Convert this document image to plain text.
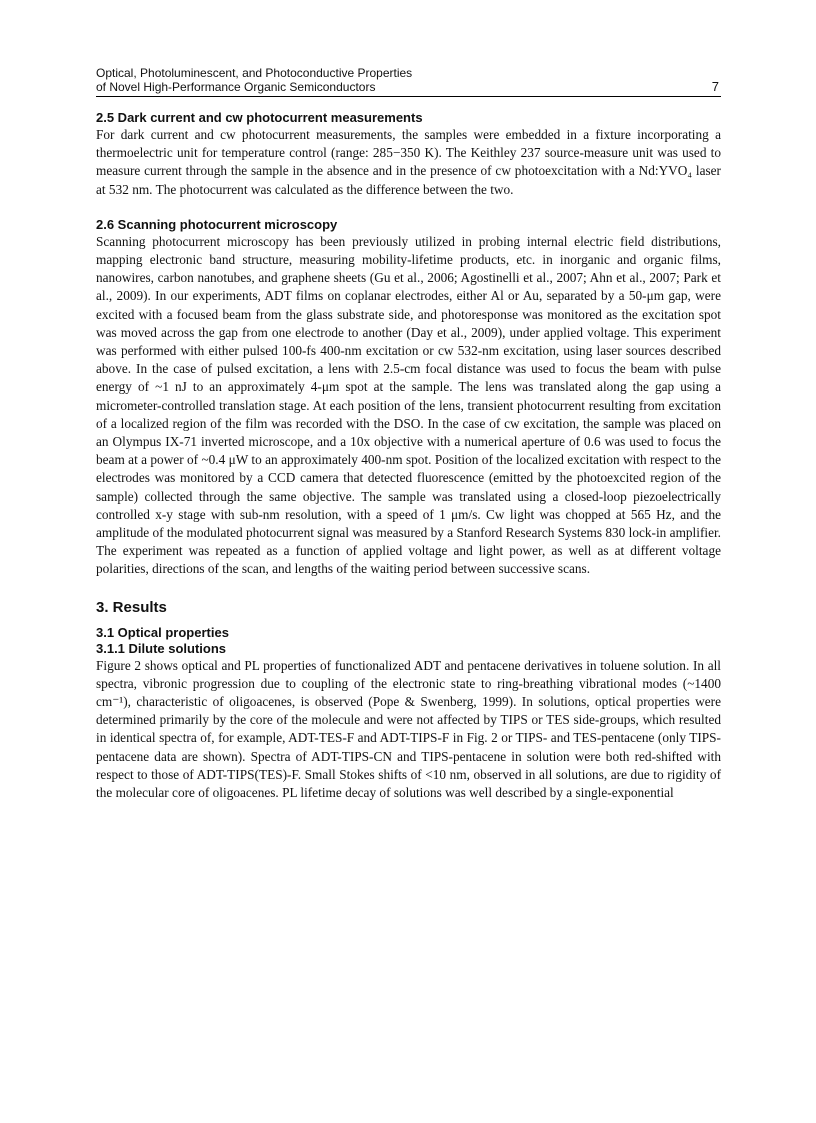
Optical, Photoluminescent, and Photoconductive Properties
of Novel High-Performance Organic Semiconductors	7
2.5 Dark current and cw photocurrent measurements

For dark current and cw photocurrent measurements, the samples were embedded in a fixture incorporating a thermoelectric unit for temperature control (range: 285−350 K). The Keithley 237 source-measure unit was used to measure current through the sample in the absence and in the presence of cw photoexcitation with a Nd:YVO₄ laser at 532 nm. The photocurrent was calculated as the difference between the two.

2.6 Scanning photocurrent microscopy

Scanning photocurrent microscopy has been previously utilized in probing internal electric field distributions, mapping electronic band structure, measuring mobility-lifetime products, etc. in inorganic and organic films, nanowires, carbon nanotubes, and graphene sheets (Gu et al., 2006; Agostinelli et al., 2007; Ahn et al., 2007; Park et al., 2009). In our experiments, ADT films on coplanar electrodes, either Al or Au, separated by a 50-μm gap, were excited with a focused beam from the glass substrate side, and photoresponse was monitored as the excitation spot was moved across the gap from one electrode to another (Day et al., 2009), under applied voltage. This experiment was performed with either pulsed 100-fs 400-nm excitation or cw 532-nm excitation, using laser sources described above. In the case of pulsed excitation, a lens with 2.5-cm focal distance was used to focus the beam with pulse energy of ~1 nJ to an approximately 4-μm spot at the sample. The lens was translated along the gap using a micrometer-controlled translation stage. At each position of the lens, transient photocurrent resulting from excitation of a localized region of the film was recorded with the DSO. In the case of cw excitation, the sample was placed on an Olympus IX-71 inverted microscope, and a 10x objective with a numerical aperture of 0.6 was used to focus the beam at a power of ~0.4 μW to an approximately 400-nm spot. Position of the localized excitation with respect to the electrodes was monitored by a CCD camera that detected fluorescence (emitted by the photoexcited region of the sample) collected through the same objective. The sample was translated using a closed-loop piezoelectrically controlled x-y stage with sub-nm resolution, with a speed of 1 μm/s. Cw light was chopped at 565 Hz, and the amplitude of the modulated photocurrent signal was measured by a Stanford Research Systems 830 lock-in amplifier. The experiment was repeated as a function of applied voltage and light power, as well as at different voltage polarities, directions of the scan, and lengths of the waiting period between successive scans.

3. Results
3.1 Optical properties
3.1.1 Dilute solutions

Figure 2 shows optical and PL properties of functionalized ADT and pentacene derivatives in toluene solution. In all spectra, vibronic progression due to coupling of the electronic state to ring-breathing vibrational modes (~1400 cm⁻¹), characteristic of oligoacenes, is observed (Pope & Swenberg, 1999). In solutions, optical properties were determined primarily by the core of the molecule and were not affected by TIPS or TES side-groups, which resulted in identical spectra of, for example, ADT-TES-F and ADT-TIPS-F in Fig. 2 or TIPS- and TES-pentacene (only TIPS-pentacene data are shown). Spectra of ADT-TIPS-CN and TIPS-pentacene in solution were both red-shifted with respect to those of ADT-TIPS(TES)-F. Small Stokes shifts of <10 nm, observed in all solutions, are due to rigidity of the molecular core of oligoacenes. PL lifetime decay of solutions was well described by a single-exponential
